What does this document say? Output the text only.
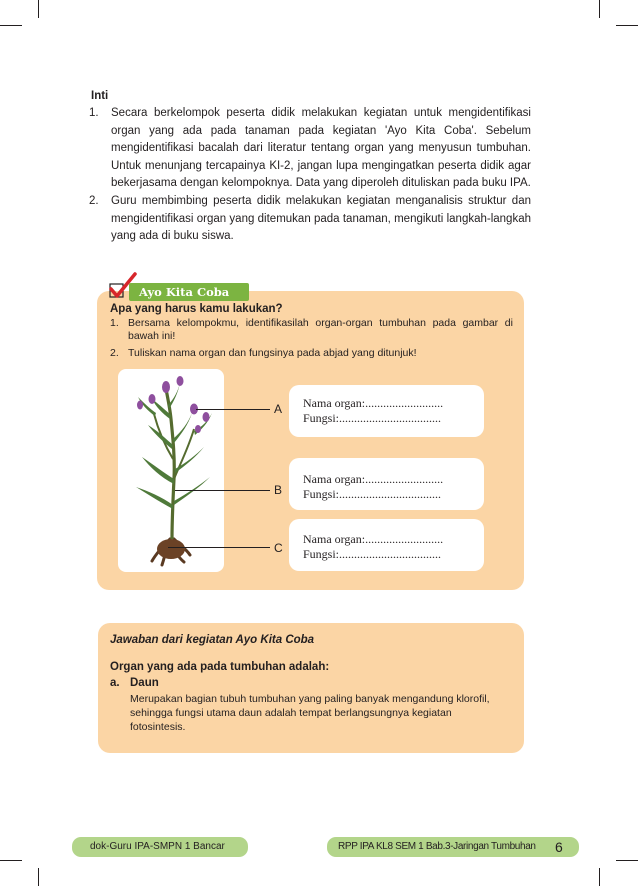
Inti
1.	Secara berkelompok peserta didik melakukan kegiatan untuk mengidentifikasi organ yang ada pada tanaman pada kegiatan 'Ayo Kita Coba'. Sebelum mengidentifikasi bacalah dari literatur tentang organ yang menyusun tumbuhan. Untuk menunjang tercapainya KI-2, jangan lupa mengingatkan peserta didik agar bekerjasama dengan kelompoknya. Data yang diperoleh dituliskan pada buku IPA.
2.	Guru membimbing peserta didik melakukan kegiatan menganalisis struktur dan mengidentifikasi organ yang ditemukan pada tanaman, mengikuti langkah-langkah yang ada di buku siswa.
Ayo Kita Coba
Apa yang harus kamu lakukan?
1. Bersama kelompokmu, identifikasilah organ-organ tumbuhan pada gambar di bawah ini!
2. Tuliskan nama organ dan fungsinya pada abjad yang ditunjuk!
A
B
C
Nama organ:..........................
Fungsi:..................................
Nama organ:..........................
Fungsi:..................................
Nama organ:..........................
Fungsi:..................................
Jawaban dari kegiatan Ayo Kita Coba
Organ yang ada pada tumbuhan adalah:
a. Daun
Merupakan bagian tubuh tumbuhan yang paling banyak mengandung klorofil, sehingga fungsi utama daun adalah tempat berlangsungnya kegiatan fotosintesis.
dok-Guru IPA-SMPN 1 Bancar	RPP IPA KL8 SEM 1 Bab.3-Jaringan Tumbuhan	6
